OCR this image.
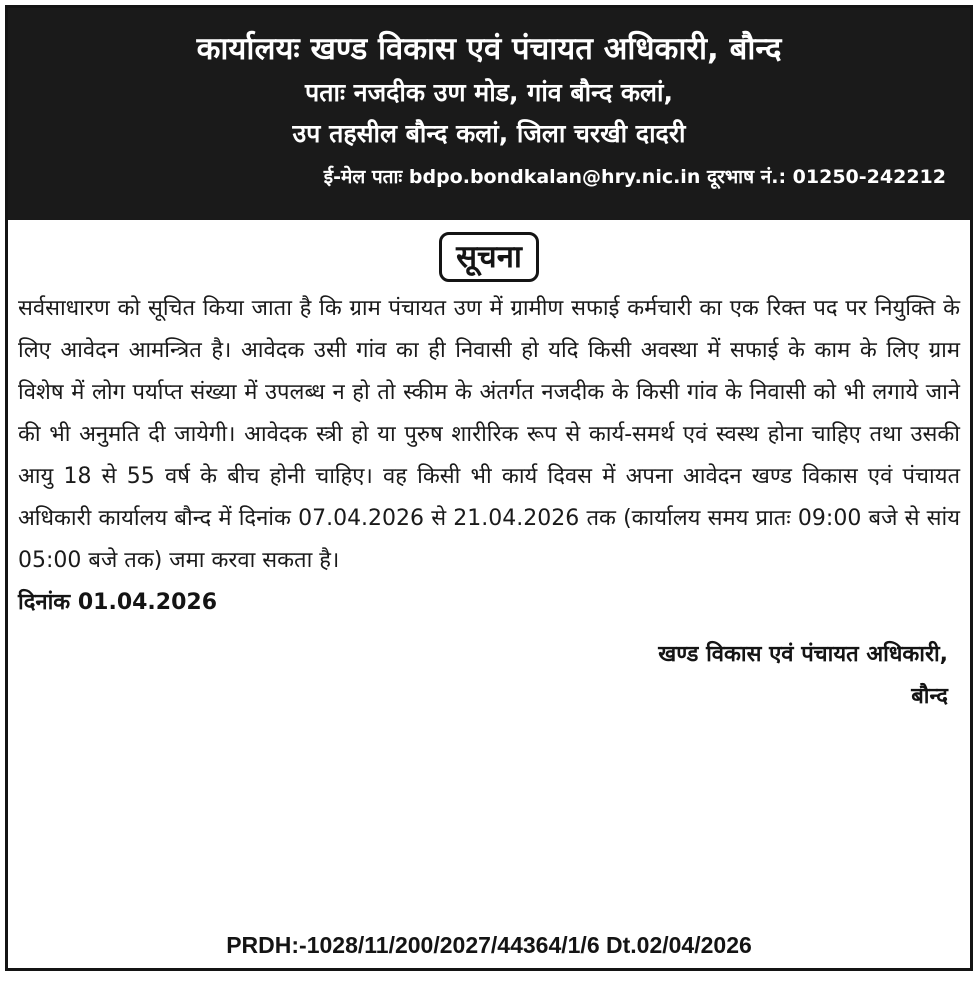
कार्यालयः खण्ड विकास एवं पंचायत अधिकारी, बौन्द
पताः नजदीक उण मोड, गांव बौन्द कलां,
उप तहसील बौन्द कलां, जिला चरखी दादरी
ई-मेल पताः bdpo.bondkalan@hry.nic.in दूरभाष नं.: 01250-242212
सूचना

सर्वसाधारण को सूचित किया जाता है कि ग्राम पंचायत उण में ग्रामीण सफाई कर्मचारी का एक रिक्त पद पर नियुक्ति के लिए आवेदन आमन्त्रित है। आवेदक उसी गांव का ही निवासी हो यदि किसी अवस्था में सफाई के काम के लिए ग्राम विशेष में लोग पर्याप्त संख्या में उपलब्ध न हो तो स्कीम के अंतर्गत नजदीक के किसी गांव के निवासी को भी लगाये जाने की भी अनुमति दी जायेगी। आवेदक स्त्री हो या पुरुष शारीरिक रूप से कार्य-समर्थ एवं स्वस्थ होना चाहिए तथा उसकी आयु 18 से 55 वर्ष के बीच होनी चाहिए। वह किसी भी कार्य दिवस में अपना आवेदन खण्ड विकास एवं पंचायत अधिकारी कार्यालय बौन्द में दिनांक 07.04.2026 से 21.04.2026 तक (कार्यालय समय प्रातः 09:00 बजे से सांय 05:00 बजे तक) जमा करवा सकता है।

दिनांक 01.04.2026

खण्ड विकास एवं पंचायत अधिकारी,
बौन्द
PRDH:-1028/11/200/2027/44364/1/6 Dt.02/04/2026
